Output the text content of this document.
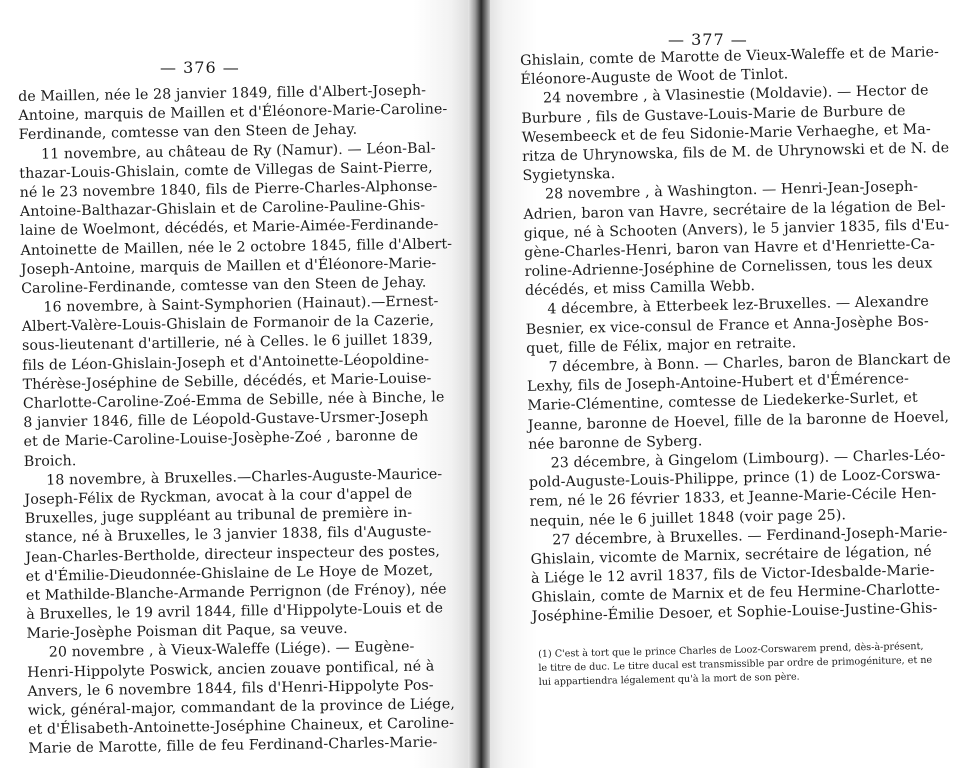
— 376 —
de Maillen, née le 28 janvier 1849, fille d'Albert-Joseph-
Antoine, marquis de Maillen et d'Éléonore-Marie-Caroline-
Ferdinande, comtesse van den Steen de Jehay.
11 novembre, au château de Ry (Namur). — Léon-Bal-
thazar-Louis-Ghislain, comte de Villegas de Saint-Pierre,
né le 23 novembre 1840, fils de Pierre-Charles-Alphonse-
Antoine-Balthazar-Ghislain et de Caroline-Pauline-Ghis-
laine de Woelmont, décédés, et Marie-Aimée-Ferdinande-
Antoinette de Maillen, née le 2 octobre 1845, fille d'Albert-
Joseph-Antoine, marquis de Maillen et d'Éléonore-Marie-
Caroline-Ferdinande, comtesse van den Steen de Jehay.
16 novembre, à Saint-Symphorien (Hainaut).—Ernest-
Albert-Valère-Louis-Ghislain de Formanoir de la Cazerie,
sous-lieutenant d'artillerie, né à Celles. le 6 juillet 1839,
fils de Léon-Ghislain-Joseph et d'Antoinette-Léopoldine-
Thérèse-Joséphine de Sebille, décédés, et Marie-Louise-
Charlotte-Caroline-Zoé-Emma de Sebille, née à Binche, le
8 janvier 1846, fille de Léopold-Gustave-Ursmer-Joseph
et de Marie-Caroline-Louise-Josèphe-Zoé , baronne de
Broich.
18 novembre, à Bruxelles.—Charles-Auguste-Maurice-
Joseph-Félix de Ryckman, avocat à la cour d'appel de
Bruxelles, juge suppléant au tribunal de première in-
stance, né à Bruxelles, le 3 janvier 1838, fils d'Auguste-
Jean-Charles-Bertholde, directeur inspecteur des postes,
et d'Émilie-Dieudonnée-Ghislaine de Le Hoye de Mozet,
et Mathilde-Blanche-Armande Perrignon (de Frénoy), née
à Bruxelles, le 19 avril 1844, fille d'Hippolyte-Louis et de
Marie-Josèphe Poisman dit Paque, sa veuve.
20 novembre , à Vieux-Waleffe (Liége). — Eugène-
Henri-Hippolyte Poswick, ancien zouave pontifical, né à
Anvers, le 6 novembre 1844, fils d'Henri-Hippolyte Pos-
wick, général-major, commandant de la province de Liége,
et d'Élisabeth-Antoinette-Joséphine Chaineux, et Caroline-
Marie de Marotte, fille de feu Ferdinand-Charles-Marie-
— 377 —
Ghislain, comte de Marotte de Vieux-Waleffe et de Marie-
Éléonore-Auguste de Woot de Tinlot.
24 novembre , à Vlasinestie (Moldavie). — Hector de
Burbure , fils de Gustave-Louis-Marie de Burbure de
Wesembeeck et de feu Sidonie-Marie Verhaeghe, et Ma-
ritza de Uhrynowska, fils de M. de Uhrynowski et de N. de
Sygietynska.
28 novembre , à Washington. — Henri-Jean-Joseph-
Adrien, baron van Havre, secrétaire de la légation de Bel-
gique, né à Schooten (Anvers), le 5 janvier 1835, fils d'Eu-
gène-Charles-Henri, baron van Havre et d'Henriette-Ca-
roline-Adrienne-Joséphine de Cornelissen, tous les deux
décédés, et miss Camilla Webb.
4 décembre, à Etterbeek lez-Bruxelles. — Alexandre
Besnier, ex vice-consul de France et Anna-Josèphe Bos-
quet, fille de Félix, major en retraite.
7 décembre, à Bonn. — Charles, baron de Blanckart de
Lexhy, fils de Joseph-Antoine-Hubert et d'Émérence-
Marie-Clémentine, comtesse de Liedekerke-Surlet, et
Jeanne, baronne de Hoevel, fille de la baronne de Hoevel,
née baronne de Syberg.
23 décembre, à Gingelom (Limbourg). — Charles-Léo-
pold-Auguste-Louis-Philippe, prince (1) de Looz-Corswa-
rem, né le 26 février 1833, et Jeanne-Marie-Cécile Hen-
nequin, née le 6 juillet 1848 (voir page 25).
27 décembre, à Bruxelles. — Ferdinand-Joseph-Marie-
Ghislain, vicomte de Marnix, secrétaire de légation, né
à Liége le 12 avril 1837, fils de Victor-Idesbalde-Marie-
Ghislain, comte de Marnix et de feu Hermine-Charlotte-
Joséphine-Émilie Desoer, et Sophie-Louise-Justine-Ghis-
(1) C'est à tort que le prince Charles de Looz-Corswarem prend, dès-à-présent,
le titre de duc. Le titre ducal est transmissible par ordre de primogéniture, et ne
lui appartiendra légalement qu'à la mort de son père.
